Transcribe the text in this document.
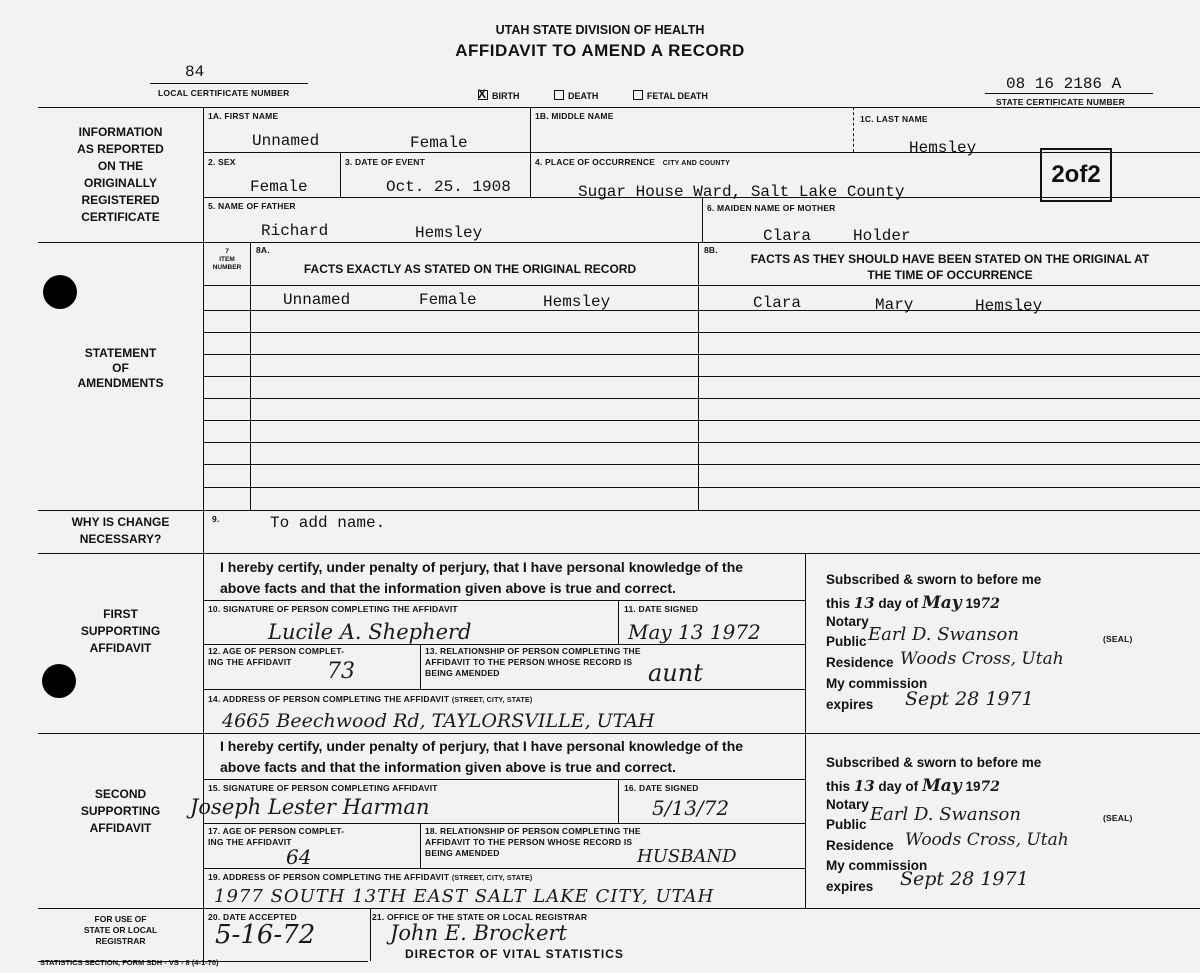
UTAH STATE DIVISION OF HEALTH
AFFIDAVIT TO AMEND A RECORD
84
LOCAL CERTIFICATE NUMBER	X BIRTH	DEATH	FETAL DEATH
08 16 2186 A
STATE CERTIFICATE NUMBER
INFORMATION
AS REPORTED
ON THE
ORIGINALLY
REGISTERED
CERTIFICATE
1A. FIRST NAME	1B. MIDDLE NAME	1C. LAST NAME
Unnamed	Female	Hemsley
2. SEX	3. DATE OF EVENT	4. PLACE OF OCCURRENCE CITY AND COUNTY
Female	Oct. 25. 1908	Sugar House Ward, Salt Lake County
2of2
5. NAME OF FATHER	6. MAIDEN NAME OF MOTHER
Richard	Hemsley	Clara	Holder
STATEMENT
OF
AMENDMENTS
7
ITEM
NUMBER
8A.
FACTS EXACTLY AS STATED ON THE ORIGINAL RECORD
8B.
FACTS AS THEY SHOULD HAVE BEEN STATED ON THE ORIGINAL AT THE TIME OF OCCURRENCE
Unnamed	Female	Hemsley	Clara	Mary	Hemsley
WHY IS CHANGE
NECESSARY?
9.	To add name.
FIRST
SUPPORTING
AFFIDAVIT
I hereby certify, under penalty of perjury, that I have personal knowledge of the above facts and that the information given above is true and correct.
10. SIGNATURE OF PERSON COMPLETING THE AFFIDAVIT	11. DATE SIGNED
Lucile A. Shepherd	May 13 1972
12. AGE OF PERSON COMPLET-
ING THE AFFIDAVIT
13. RELATIONSHIP OF PERSON COMPLETING THE AFFIDAVIT TO THE PERSON WHOSE RECORD IS BEING AMENDED
73	aunt
14. ADDRESS OF PERSON COMPLETING THE AFFIDAVIT (STREET, CITY, STATE)
4665 Beechwood Rd, TAYLORSVILLE, UTAH
Subscribed & sworn to before me
this 13 day of May 1972
Notary
Public Earl D. Swanson	(SEAL)
Residence Woods Cross, Utah
My commission
expires Sept 28 1971
SECOND
SUPPORTING
AFFIDAVIT
I hereby certify, under penalty of perjury, that I have personal knowledge of the above facts and that the information given above is true and correct.
15. SIGNATURE OF PERSON COMPLETING AFFIDAVIT	16. DATE SIGNED
Joseph Lester Harman	5/13/72
17. AGE OF PERSON COMPLET-
ING THE AFFIDAVIT
18. RELATIONSHIP OF PERSON COMPLETING THE AFFIDAVIT TO THE PERSON WHOSE RECORD IS BEING AMENDED
64	HUSBAND
19. ADDRESS OF PERSON COMPLETING THE AFFIDAVIT (STREET, CITY, STATE)
1977 SOUTH 13TH EAST SALT LAKE CITY, UTAH
Subscribed & sworn to before me
this 13 day of May 1972
Notary
Public Earl D. Swanson	(SEAL)
Residence Woods Cross, Utah
My commission
expires Sept 28 1971
FOR USE OF
STATE OR LOCAL
REGISTRAR
20. DATE ACCEPTED
5-16-72
21. OFFICE OF THE STATE OR LOCAL REGISTRAR
John E. Brockert
DIRECTOR OF VITAL STATISTICS
STATISTICS SECTION, FORM SDH - VS - 8 (4-1-70)
